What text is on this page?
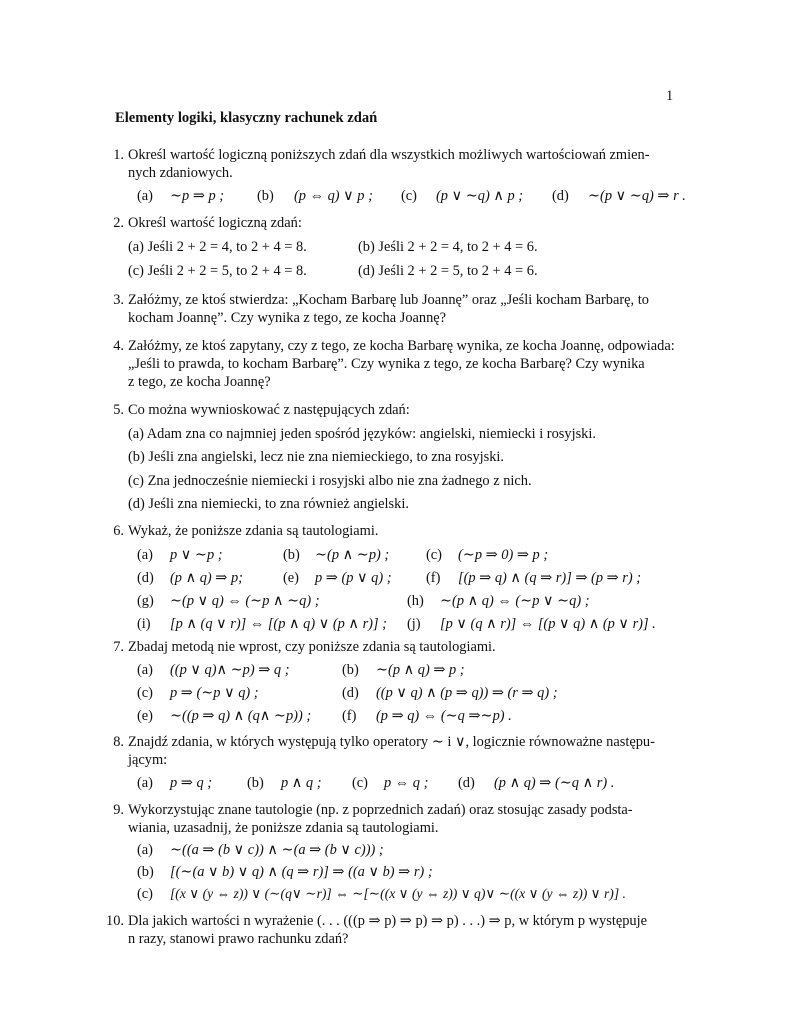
1
Elementy logiki, klasyczny rachunek zdań
1. Określ wartość logiczną poniższych zdań dla wszystkich możliwych wartościowań zmien-
nych zdaniowych.
(a) ∼p ⇒ p ; (b) (p ⇔ q) ∨ p ; (c) (p ∨ ∼q) ∧ p ; (d) ∼(p ∨ ∼q) ⇒ r .
2. Określ wartość logiczną zdań:
(a) Jeśli 2 + 2 = 4, to 2 + 4 = 8.	(b) Jeśli 2 + 2 = 4, to 2 + 4 = 6.
(c) Jeśli 2 + 2 = 5, to 2 + 4 = 8.	(d) Jeśli 2 + 2 = 5, to 2 + 4 = 6.
3. Załóżmy, ze ktoś stwierdza: „Kocham Barbarę lub Joannę” oraz „Jeśli kocham Barbarę, to
kocham Joannę”. Czy wynika z tego, ze kocha Joannę?
4. Załóżmy, ze ktoś zapytany, czy z tego, ze kocha Barbarę wynika, ze kocha Joannę, odpowiada:
„Jeśli to prawda, to kocham Barbarę”. Czy wynika z tego, ze kocha Barbarę? Czy wynika
z tego, ze kocha Joannę?
5. Co można wywnioskować z następujących zdań:
(a) Adam zna co najmniej jeden spośród języków: angielski, niemiecki i rosyjski.
(b) Jeśli zna angielski, lecz nie zna niemieckiego, to zna rosyjski.
(c) Zna jednocześnie niemiecki i rosyjski albo nie zna żadnego z nich.
(d) Jeśli zna niemiecki, to zna również angielski.
6. Wykaż, że poniższe zdania są tautologiami.
(a) p ∨ ∼p ;	(b) ∼(p ∧ ∼p) ;	(c) (∼p ⇒ 0) ⇒ p ;
(d) (p ∧ q) ⇒ p;	(e) p ⇒ (p ∨ q) ; (f) [(p ⇒ q) ∧ (q ⇒ r)] ⇒ (p ⇒ r) ;
(g) ∼(p ∨ q) ⇔ (∼p ∧ ∼q) ;	(h) ∼(p ∧ q) ⇔ (∼p ∨ ∼q) ;
(i) [p ∧ (q ∨ r)] ⇔ [(p ∧ q) ∨ (p ∧ r)] ; (j) [p ∨ (q ∧ r)] ⇔ [(p ∨ q) ∧ (p ∨ r)] .
7. Zbadaj metodą nie wprost, czy poniższe zdania są tautologiami.
(a) ((p ∨ q)∧ ∼p) ⇒ q ;	(b) ∼(p ∧ q) ⇒ p ;
(c) p ⇒ (∼p ∨ q) ;	(d) ((p ∨ q) ∧ (p ⇒ q)) ⇒ (r ⇒ q) ;
(e) ∼((p ⇒ q) ∧ (q∧ ∼p)) ; (f) (p ⇒ q) ⇔ (∼q ⇒∼p) .
8. Znajdź zdania, w których występują tylko operatory ∼ i ∨, logicznie równoważne następu-
jącym:
(a) p ⇒ q ; (b) p ∧ q ; (c) p ⇔ q ; (d) (p ∧ q) ⇒ (∼q ∧ r) .
9. Wykorzystując znane tautologie (np. z poprzednich zadań) oraz stosując zasady podsta-
wiania, uzasadnij, że poniższe zdania są tautologiami.
(a) ∼((a ⇒ (b ∨ c)) ∧ ∼(a ⇒ (b ∨ c))) ;
(b) [(∼(a ∨ b) ∨ q) ∧ (q ⇒ r)] ⇒ ((a ∨ b) ⇒ r) ;
(c) [(x ∨ (y ⇔ z)) ∨ (∼(q∨ ∼r)] ⇔ ∼[∼((x ∨ (y ⇔ z)) ∨ q)∨ ∼((x ∨ (y ⇔ z)) ∨ r)] .
10. Dla jakich wartości n wyrażenie (. . . (((p ⇒ p) ⇒ p) ⇒ p) . . .) ⇒ p, w którym p występuje
n razy, stanowi prawo rachunku zdań?
